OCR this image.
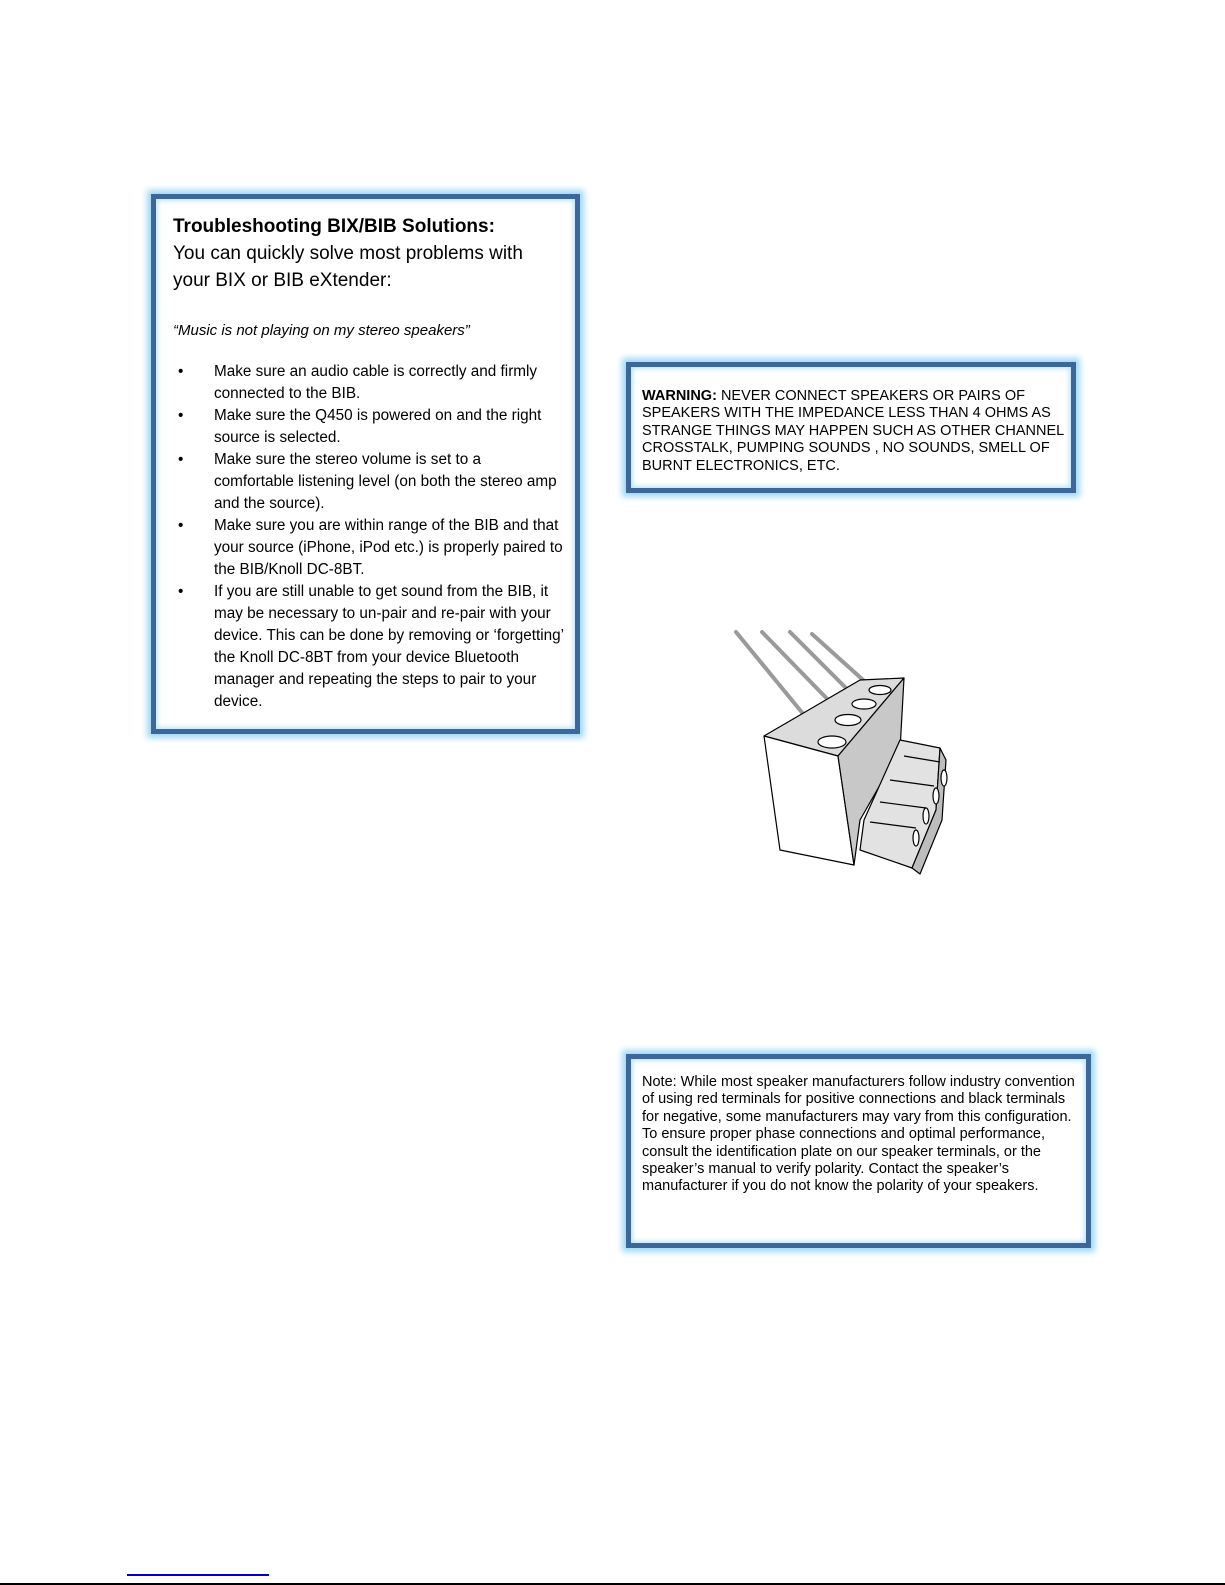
Troubleshooting BIX/BIB Solutions:
You can quickly solve most problems with your BIX or BIB eXtender:
“Music is not playing on my stereo speakers”
• Make sure an audio cable is correctly and firmly connected to the BIB.
• Make sure the Q450 is powered on and the right source is selected.
• Make sure the stereo volume is set to a comfortable listening level (on both the stereo amp and the source).
• Make sure you are within range of the BIB and that your source (iPhone, iPod etc.) is properly paired to the BIB/Knoll DC-8BT.
• If you are still unable to get sound from the BIB, it may be necessary to un-pair and re-pair with your device. This can be done by removing or ‘forgetting’ the Knoll DC-8BT from your device Bluetooth manager and repeating the steps to pair to your device.
WARNING: NEVER CONNECT SPEAKERS OR PAIRS OF SPEAKERS WITH THE IMPEDANCE LESS THAN 4 OHMS AS STRANGE THINGS MAY HAPPEN SUCH AS OTHER CHANNEL CROSSTALK, PUMPING SOUNDS , NO SOUNDS, SMELL OF BURNT ELECTRONICS, ETC.
Note: While most speaker manufacturers follow industry convention of using red terminals for positive connections and black terminals for negative, some manufacturers may vary from this configuration. To ensure proper phase connections and optimal performance, consult the identification plate on our speaker terminals, or the speaker’s manual to verify polarity. Contact the speaker’s manufacturer if you do not know the polarity of your speakers.
